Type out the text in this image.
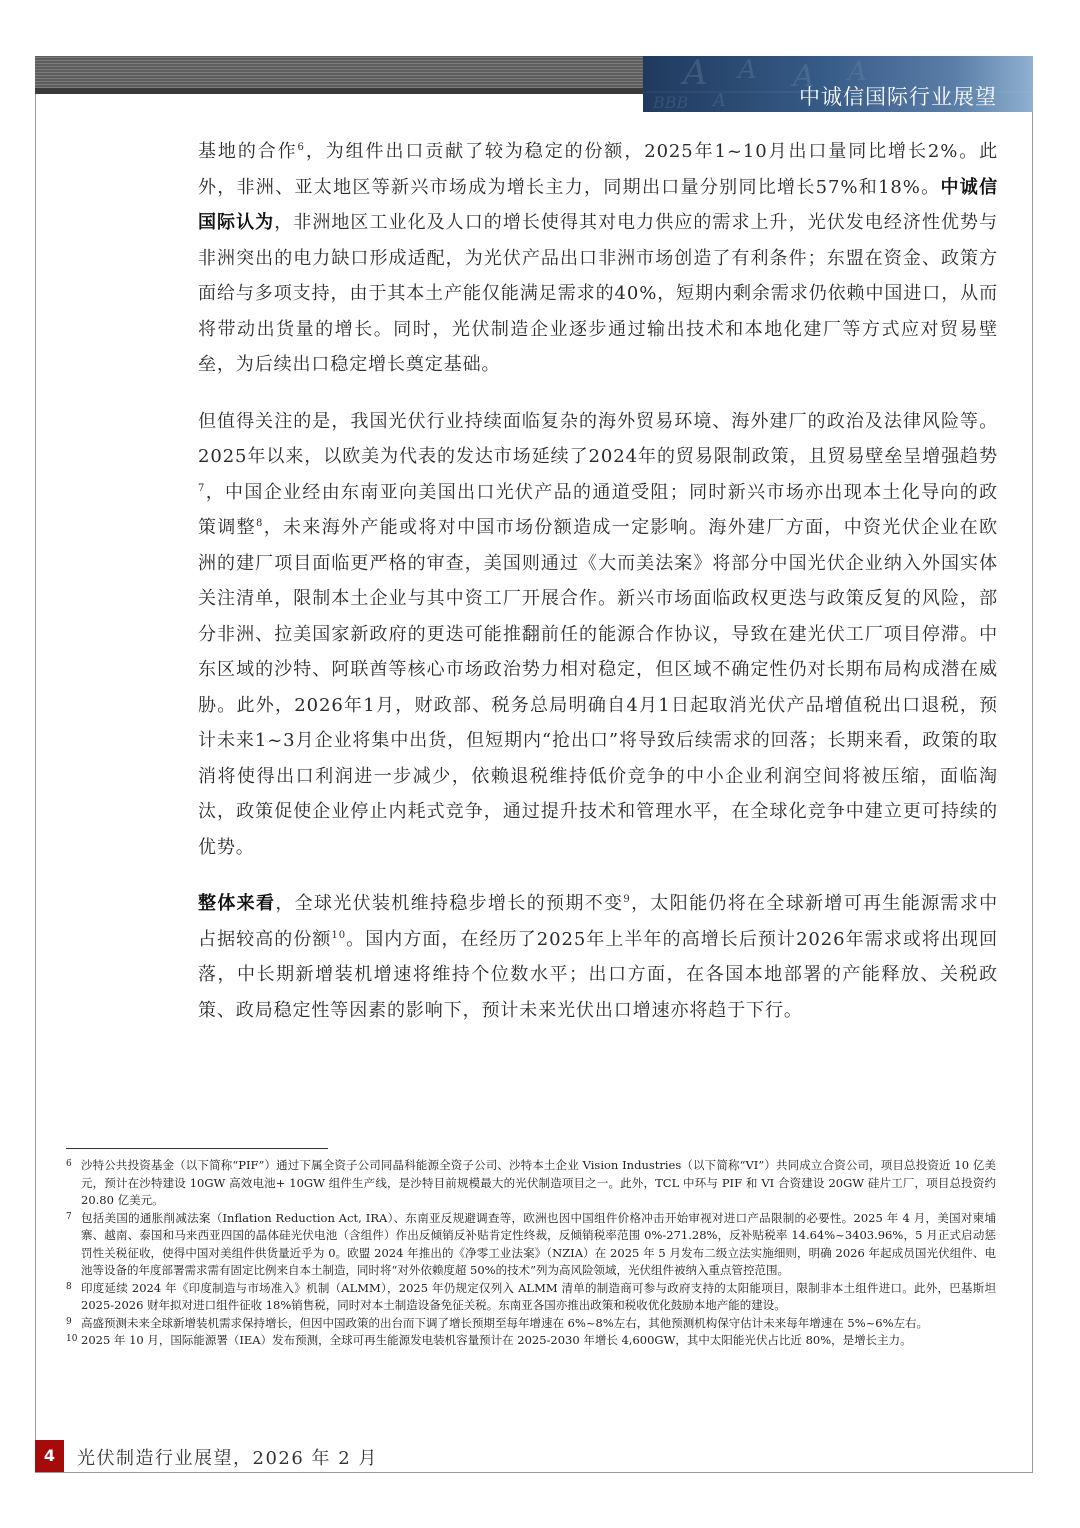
A A A A
BBB A	中诚信国际行业展望

基地的合作$^6$，为组件出口贡献了较为稳定的份额，2025年1~10月出口量同比增长2%。此外，非洲、亚太地区等新兴市场成为增长主力，同期出口量分别同比增长57%和18%。中诚信国际认为，非洲地区工业化及人口的增长使得其对电力供应的需求上升，光伏发电经济性优势与非洲突出的电力缺口形成适配，为光伏产品出口非洲市场创造了有利条件；东盟在资金、政策方面给与多项支持，由于其本土产能仅能满足需求的40%，短期内剩余需求仍依赖中国进口，从而将带动出货量的增长。同时，光伏制造企业逐步通过输出技术和本地化建厂等方式应对贸易壁垒，为后续出口稳定增长奠定基础。

但值得关注的是，我国光伏行业持续面临复杂的海外贸易环境、海外建厂的政治及法律风险等。2025年以来，以欧美为代表的发达市场延续了2024年的贸易限制政策，且贸易壁垒呈增强趋势$^7$，中国企业经由东南亚向美国出口光伏产品的通道受阻；同时新兴市场亦出现本土化导向的政策调整$^8$，未来海外产能或将对中国市场份额造成一定影响。海外建厂方面，中资光伏企业在欧洲的建厂项目面临更严格的审查，美国则通过《大而美法案》将部分中国光伏企业纳入外国实体关注清单，限制本土企业与其中资工厂开展合作。新兴市场面临政权更迭与政策反复的风险，部分非洲、拉美国家新政府的更迭可能推翻前任的能源合作协议，导致在建光伏工厂项目停滞。中东区域的沙特、阿联酋等核心市场政治势力相对稳定，但区域不确定性仍对长期布局构成潜在威胁。此外，2026年1月，财政部、税务总局明确自4月1日起取消光伏产品增值税出口退税，预计未来1~3月企业将集中出货，但短期内“抢出口”将导致后续需求的回落；长期来看，政策的取消将使得出口利润进一步减少，依赖退税维持低价竞争的中小企业利润空间将被压缩，面临淘汰，政策促使企业停止内耗式竞争，通过提升技术和管理水平，在全球化竞争中建立更可持续的优势。

整体来看，全球光伏装机维持稳步增长的预期不变$^9$，太阳能仍将在全球新增可再生能源需求中占据较高的份额$^{10}$。国内方面，在经历了2025年上半年的高增长后预计2026年需求或将出现回落，中长期新增装机增速将维持个位数水平；出口方面，在各国本地部署的产能释放、关税政策、政局稳定性等因素的影响下，预计未来光伏出口增速亦将趋于下行。

6 沙特公共投资基金（以下简称“PIF”）通过下属全资子公司同晶科能源全资子公司、沙特本土企业 Vision Industries（以下简称“VI”）共同成立合资公司，项目总投资近 10 亿美元，预计在沙特建设 10GW 高效电池+ 10GW 组件生产线，是沙特目前规模最大的光伏制造项目之一。此外，TCL 中环与 PIF 和 VI 合资建设 20GW 硅片工厂，项目总投资约 20.80 亿美元。
7 包括美国的通胀削减法案（Inflation Reduction Act, IRA）、东南亚反规避调查等，欧洲也因中国组件价格冲击开始审视对进口产品限制的必要性。2025 年 4 月，美国对柬埔寨、越南、泰国和马来西亚四国的晶体硅光伏电池（含组件）作出反倾销反补贴肯定性终裁，反倾销税率范围 0%-271.28%，反补贴税率 14.64%~3403.96%，5 月正式启动惩罚性关税征收，使得中国对美组件供货量近乎为 0。欧盟 2024 年推出的《净零工业法案》（NZIA）在 2025 年 5 月发布二级立法实施细则，明确 2026 年起成员国光伏组件、电池等设备的年度部署需求需有固定比例来自本土制造，同时将“对外依赖度超 50%的技术”列为高风险领域，光伏组件被纳入重点管控范围。
8 印度延续 2024 年《印度制造与市场准入》机制（ALMM），2025 年仍规定仅列入 ALMM 清单的制造商可参与政府支持的太阳能项目，限制非本土组件进口。此外，巴基斯坦 2025-2026 财年拟对进口组件征收 18%销售税，同时对本土制造设备免征关税。东南亚各国亦推出政策和税收优化鼓励本地产能的建设。
9 高盛预测未来全球新增装机需求保持增长，但因中国政策的出台而下调了增长预期至每年增速在 6%~8%左右，其他预测机构保守估计未来每年增速在 5%~6%左右。
10 2025 年 10 月，国际能源署（IEA）发布预测，全球可再生能源发电装机容量预计在 2025-2030 年增长 4,600GW，其中太阳能光伏占比近 80%，是增长主力。
4	光伏制造行业展望，2026 年 2 月
